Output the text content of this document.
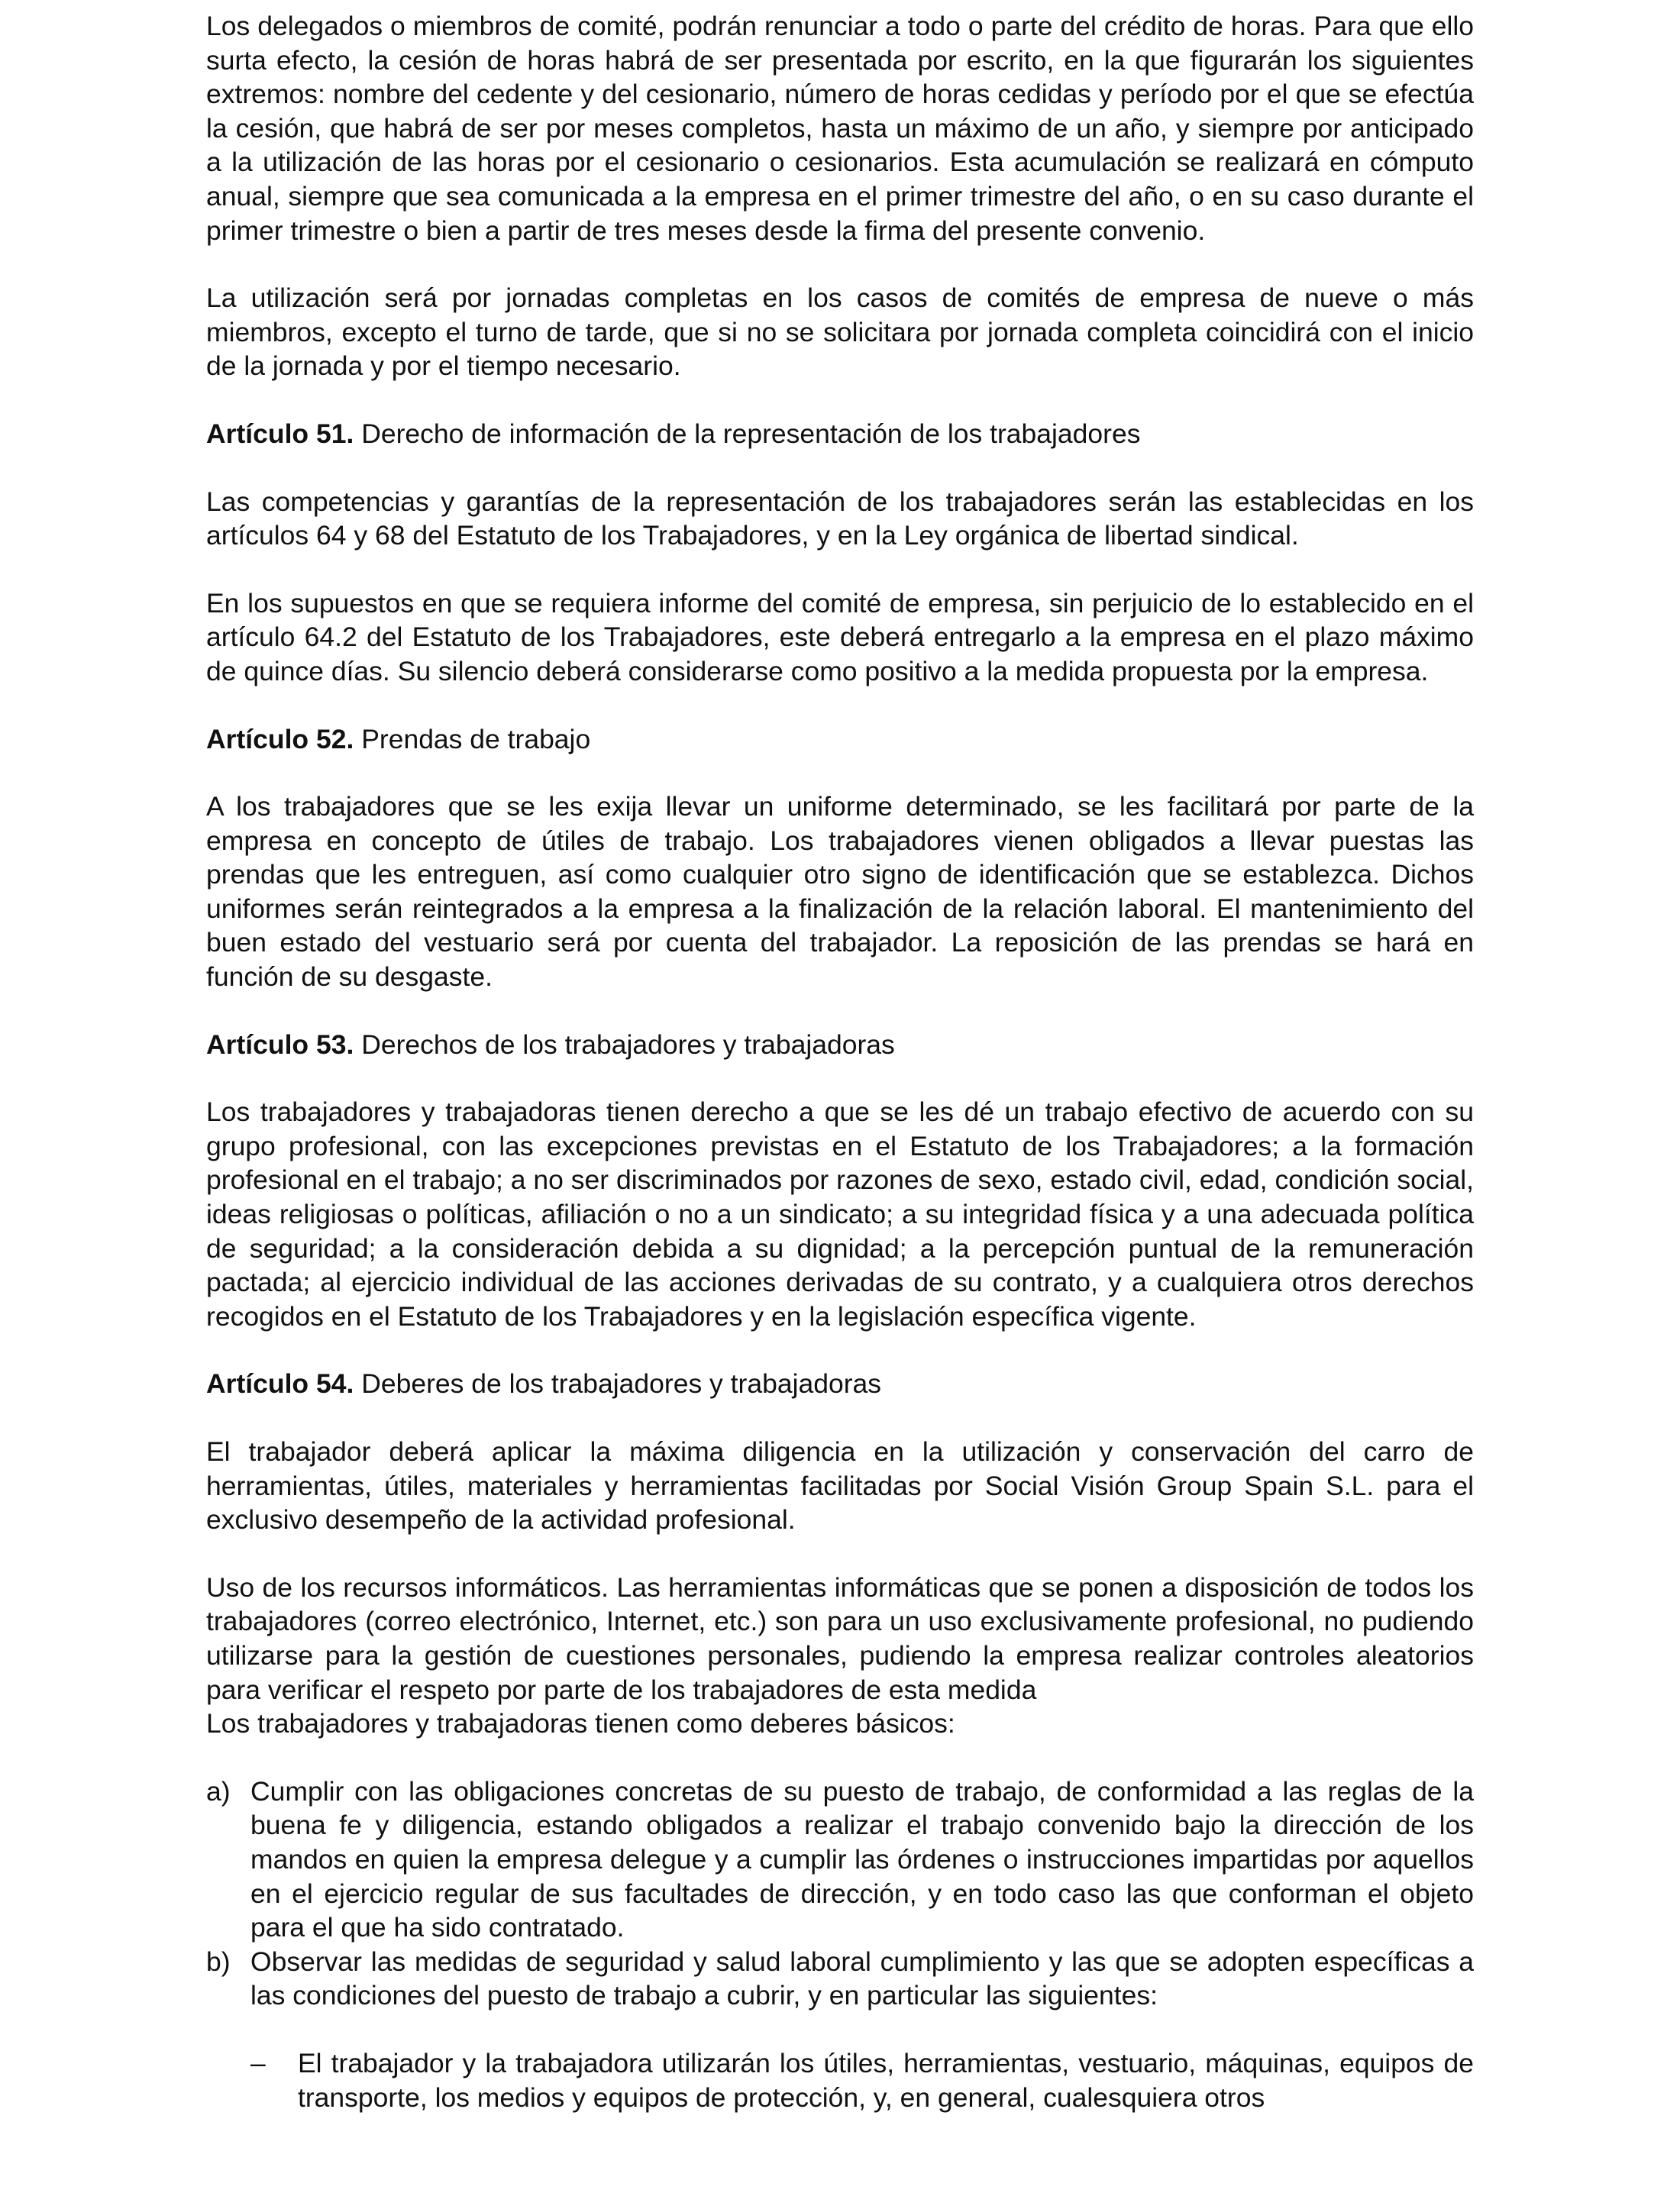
Los delegados o miembros de comité, podrán renunciar a todo o parte del crédito de horas. Para que ello surta efecto, la cesión de horas habrá de ser presentada por escrito, en la que figurarán los siguientes extremos: nombre del cedente y del cesionario, número de horas cedidas y período por el que se efectúa la cesión, que habrá de ser por meses completos, hasta un máximo de un año, y siempre por anticipado a la utilización de las horas por el cesionario o cesionarios. Esta acumulación se realizará en cómputo anual, siempre que sea comunicada a la empresa en el primer trimestre del año, o en su caso durante el primer trimestre o bien a partir de tres meses desde la firma del presente convenio.

La utilización será por jornadas completas en los casos de comités de empresa de nueve o más miembros, excepto el turno de tarde, que si no se solicitara por jornada completa coincidirá con el inicio de la jornada y por el tiempo necesario.

Artículo 51. Derecho de información de la representación de los trabajadores

Las competencias y garantías de la representación de los trabajadores serán las establecidas en los artículos 64 y 68 del Estatuto de los Trabajadores, y en la Ley orgánica de libertad sindical.

En los supuestos en que se requiera informe del comité de empresa, sin perjuicio de lo establecido en el artículo 64.2 del Estatuto de los Trabajadores, este deberá entregarlo a la empresa en el plazo máximo de quince días. Su silencio deberá considerarse como positivo a la medida propuesta por la empresa.

Artículo 52. Prendas de trabajo

A los trabajadores que se les exija llevar un uniforme determinado, se les facilitará por parte de la empresa en concepto de útiles de trabajo. Los trabajadores vienen obligados a llevar puestas las prendas que les entreguen, así como cualquier otro signo de identificación que se establezca. Dichos uniformes serán reintegrados a la empresa a la finalización de la relación laboral. El mantenimiento del buen estado del vestuario será por cuenta del trabajador. La reposición de las prendas se hará en función de su desgaste.

Artículo 53. Derechos de los trabajadores y trabajadoras

Los trabajadores y trabajadoras tienen derecho a que se les dé un trabajo efectivo de acuerdo con su grupo profesional, con las excepciones previstas en el Estatuto de los Trabajadores; a la formación profesional en el trabajo; a no ser discriminados por razones de sexo, estado civil, edad, condición social, ideas religiosas o políticas, afiliación o no a un sindicato; a su integridad física y a una adecuada política de seguridad; a la consideración debida a su dignidad; a la percepción puntual de la remuneración pactada; al ejercicio individual de las acciones derivadas de su contrato, y a cualquiera otros derechos recogidos en el Estatuto de los Trabajadores y en la legislación específica vigente.

Artículo 54. Deberes de los trabajadores y trabajadoras

El trabajador deberá aplicar la máxima diligencia en la utilización y conservación del carro de herramientas, útiles, materiales y herramientas facilitadas por Social Visión Group Spain S.L. para el exclusivo desempeño de la actividad profesional.

Uso de los recursos informáticos. Las herramientas informáticas que se ponen a disposición de todos los trabajadores (correo electrónico, Internet, etc.) son para un uso exclusivamente profesional, no pudiendo utilizarse para la gestión de cuestiones personales, pudiendo la empresa realizar controles aleatorios para verificar el respeto por parte de los trabajadores de esta medida

Los trabajadores y trabajadoras tienen como deberes básicos:

a) Cumplir con las obligaciones concretas de su puesto de trabajo, de conformidad a las reglas de la buena fe y diligencia, estando obligados a realizar el trabajo convenido bajo la dirección de los mandos en quien la empresa delegue y a cumplir las órdenes o instrucciones impartidas por aquellos en el ejercicio regular de sus facultades de dirección, y en todo caso las que conforman el objeto para el que ha sido contratado.
b) Observar las medidas de seguridad y salud laboral cumplimiento y las que se adopten específicas a las condiciones del puesto de trabajo a cubrir, y en particular las siguientes:
– El trabajador y la trabajadora utilizarán los útiles, herramientas, vestuario, máquinas, equipos de transporte, los medios y equipos de protección, y, en general, cualesquiera otros
